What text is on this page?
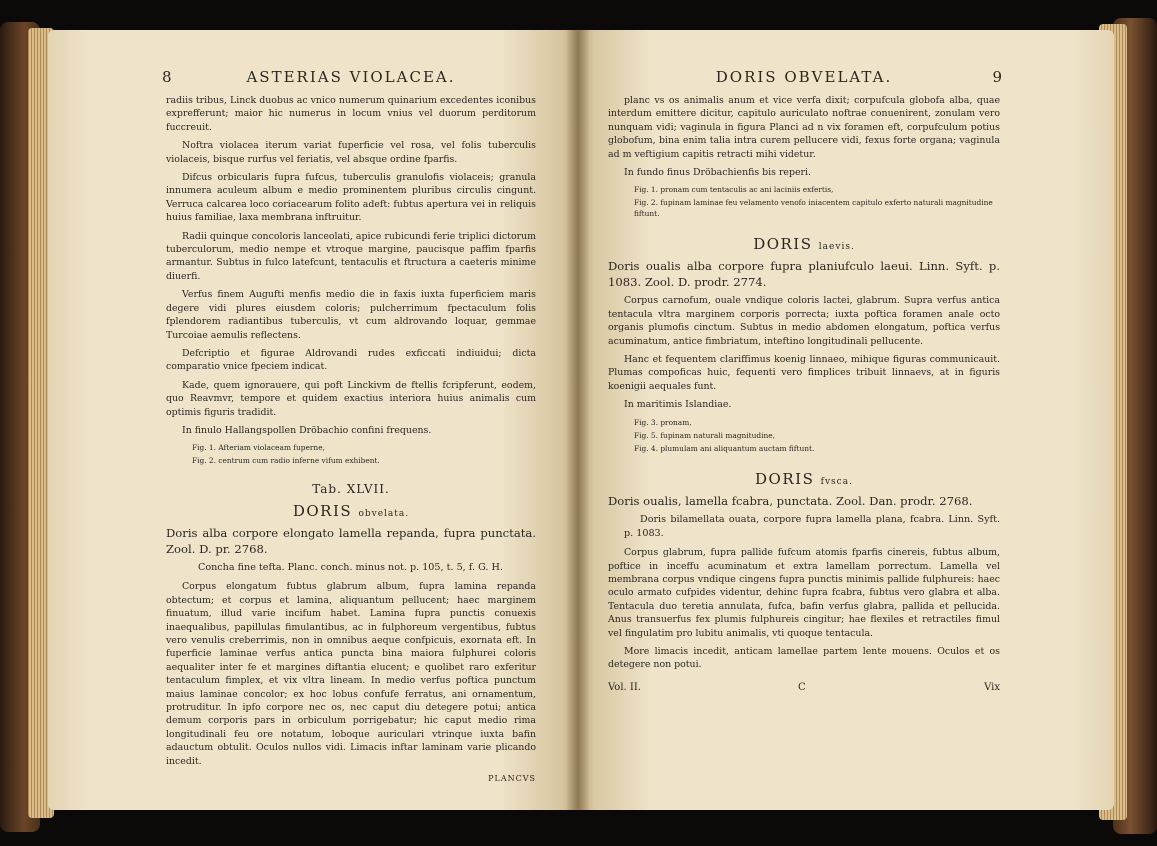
8	ASTERIAS VIOLACEA.

radiis tribus, Linck duobus ac vnico numerum quinarium excedentes iconibus exprefferunt; maior hic numerus in locum vnius vel duorum perditorum fuccreuit.

Noftra violacea iterum variat fuperficie vel rosa, vel folis tuberculis violaceis, bisque rurfus vel feriatis, vel absque ordine fparfis.

Difcus orbicularis fupra fufcus, tuberculis granulofis violaceis; granula innumera aculeum album e medio prominentem pluribus circulis cingunt. Verruca calcarea loco coriacearum folito adeft: fubtus apertura vei in reliquis huius familiae, laxa membrana inftruitur.

Radii quinque concoloris lanceolati, apice rubicundi ferie triplici dictorum tuberculorum, medio nempe et vtroque margine, paucisque paffim fparfis armantur. Subtus in fulco latefcunt, tentaculis et ftructura a caeteris minime diuerfi.

Verfus finem Augufti menfis medio die in faxis iuxta fuperficiem maris degere vidi plures eiusdem coloris; pulcherrimum fpectaculum folis fplendorem radiantibus tuberculis, vt cum aldrovando loquar, gemmae Turcoiae aemulis reflectens.

Defcriptio et figurae Aldrovandi rudes exficcati indiuidui; dicta comparatio vnice fpeciem indicat.

Kade, quem ignorauere, qui poft Linckivm de ftellis fcripferunt, eodem, quo Reavmvr, tempore et quidem exactius interiora huius animalis cum optimis figuris tradidit.

In finulo Hallangspollen Dröbachio confini frequens.

Fig. 1. Afteriam violaceam fuperne,
Fig. 2. centrum cum radio inferne vifum exhibent.
Tab. XLVII.
DORIS obvelata.

Doris alba corpore elongato lamella repanda, fupra punctata. Zool. D. pr. 2768.

Concha fine tefta. Planc. conch. minus not. p. 105, t. 5, f. G. H.

Corpus elongatum fubtus glabrum album, fupra lamina repanda obtectum; et corpus et lamina, aliquantum pellucent; haec marginem finuatum, illud varie incifum habet. Lamina fupra punctis conuexis inaequalibus, papillulas fimulantibus, ac in fulphoreum vergentibus, fubtus vero venulis creberrimis, non in omnibus aeque confpicuis, exornata eft. In fuperficie laminae verfus antica puncta bina maiora fulphurei coloris aequaliter inter fe et margines diftantia elucent; e quolibet raro exferitur tentaculum fimplex, et vix vltra lineam. In medio verfus poftica punctum maius laminae concolor; ex hoc lobus confufe ferratus, ani ornamentum, protruditur. In ipfo corpore nec os, nec caput diu detegere potui; antica demum corporis pars in orbiculum porrigebatur; hic caput medio rima longitudinali feu ore notatum, loboque auriculari vtrinque iuxta bafin adauctum obtulit. Oculos nullos vidi. Limacis inftar laminam varie plicando incedit.

PLANCVS
DORIS OBVELATA.	9

planc vs os animalis anum et vice verfa dixit; corpufcula globofa alba, quae interdum emittere dicitur, capitulo auriculato noftrae conuenirent, zonulam vero nunquam vidi; vaginula in figura Planci ad n vix foramen eft, corpufculum potius globofum, bina enim talia intra curem pellucere vidi, fexus forte organa; vaginula ad m veftigium capitis retracti mihi videtur.

In fundo finus Dröbachienfis bis reperi.

Fig. 1. pronam cum tentaculis ac ani laciniis exfertis,
Fig. 2. fupinam laminae feu velamento venofo iniacentem capitulo exferto naturali magnitudine fiftunt.
DORIS laevis.

Doris oualis alba corpore fupra planiufculo laeui. Linn. Syft. p. 1083. Zool. D. prodr. 2774.

Corpus carnofum, ouale vndique coloris lactei, glabrum. Supra verfus antica tentacula vltra marginem corporis porrecta; iuxta poftica foramen anale octo organis plumofis cinctum. Subtus in medio abdomen elongatum, poftica verfus acuminatum, antice fimbriatum, inteftino longitudinali pellucente.

Hanc et fequentem clariffimus koenig linnaeo, mihique figuras communicauit. Plumas compoficas huic, fequenti vero fimplices tribuit linnaevs, at in figuris koenigii aequales funt.

In maritimis Islandiae.

Fig. 3. pronam,
Fig. 5. fupinam naturali magnitudine,
Fig. 4. plumulam ani aliquantum auctam fiftunt.
DORIS fvsca.

Doris oualis, lamella fcabra, punctata. Zool. Dan. prodr. 2768.

Doris bilamellata ouata, corpore fupra lamella plana, fcabra. Linn. Syft. p. 1083.

Corpus glabrum, fupra pallide fufcum atomis fparfis cinereis, fubtus album, poftice in inceffu acuminatum et extra lamellam porrectum. Lamella vel membrana corpus vndique cingens fupra punctis minimis pallide fulphureis: haec oculo armato cufpides videntur, dehinc fupra fcabra, fubtus vero glabra et alba. Tentacula duo teretia annulata, fufca, bafin verfus glabra, pallida et pellucida. Anus transuerfus fex plumis fulphureis cingitur; hae flexiles et retractiles fimul vel fingulatim pro lubitu animalis, vti quoque tentacula.

More limacis incedit, anticam lamellae partem lente mouens. Oculos et os detegere non potui.

Vol. II.	C	Vix
